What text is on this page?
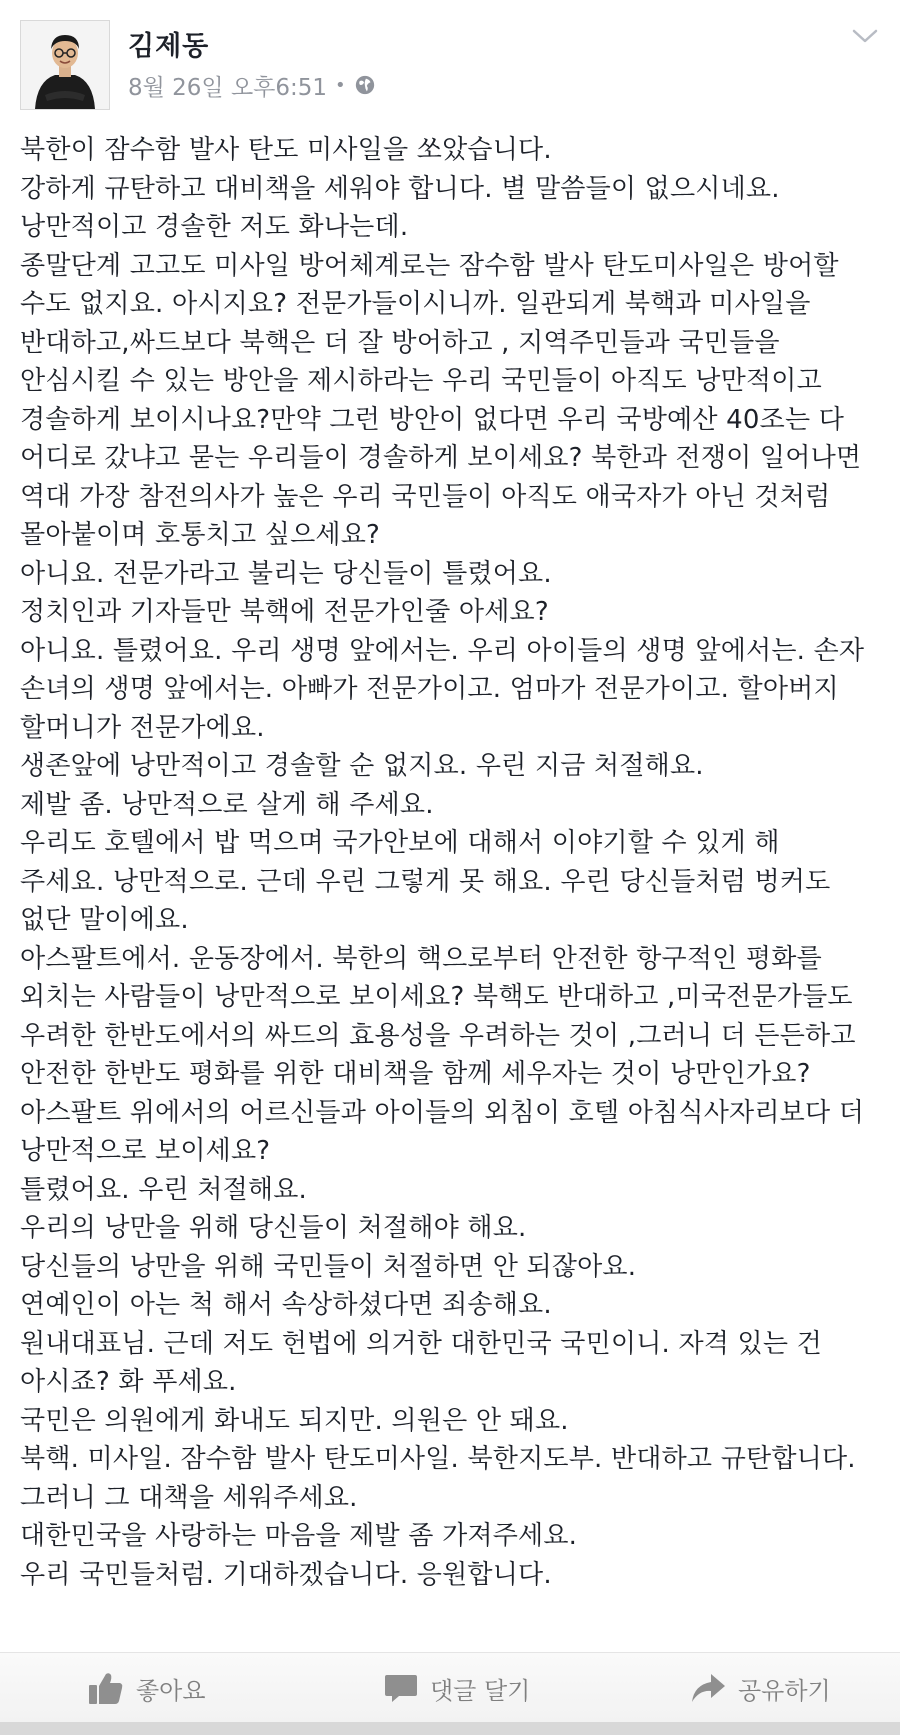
김제동
8월 26일 오후6:51 •
북한이 잠수함 발사 탄도 미사일을 쏘았습니다.
강하게 규탄하고 대비책을 세워야 합니다. 별 말씀들이 없으시네요.
낭만적이고 경솔한 저도 화나는데.
종말단계 고고도 미사일 방어체계로는 잠수함 발사 탄도미사일은 방어할
수도 없지요. 아시지요? 전문가들이시니까. 일관되게 북핵과 미사일을
반대하고,싸드보다 북핵은 더 잘 방어하고 , 지역주민들과 국민들을
안심시킬 수 있는 방안을 제시하라는 우리 국민들이 아직도 낭만적이고
경솔하게 보이시나요?만약 그런 방안이 없다면 우리 국방예산 40조는 다
어디로 갔냐고 묻는 우리들이 경솔하게 보이세요? 북한과 전쟁이 일어나면
역대 가장 참전의사가 높은 우리 국민들이 아직도 애국자가 아닌 것처럼
몰아붙이며 호통치고 싶으세요?
아니요. 전문가라고 불리는 당신들이 틀렸어요.
정치인과 기자들만 북핵에 전문가인줄 아세요?
아니요. 틀렸어요. 우리 생명 앞에서는. 우리 아이들의 생명 앞에서는. 손자
손녀의 생명 앞에서는. 아빠가 전문가이고. 엄마가 전문가이고. 할아버지
할머니가 전문가에요.
생존앞에 낭만적이고 경솔할 순 없지요. 우린 지금 처절해요.
제발 좀. 낭만적으로 살게 해 주세요.
우리도 호텔에서 밥 먹으며 국가안보에 대해서 이야기할 수 있게 해
주세요. 낭만적으로. 근데 우린 그렇게 못 해요. 우린 당신들처럼 벙커도
없단 말이에요.
아스팔트에서. 운동장에서. 북한의 핵으로부터 안전한 항구적인 평화를
외치는 사람들이 낭만적으로 보이세요? 북핵도 반대하고 ,미국전문가들도
우려한 한반도에서의 싸드의 효용성을 우려하는 것이 ,그러니 더 든든하고
안전한 한반도 평화를 위한 대비책을 함께 세우자는 것이 낭만인가요?
아스팔트 위에서의 어르신들과 아이들의 외침이 호텔 아침식사자리보다 더
낭만적으로 보이세요?
틀렸어요. 우린 처절해요.
우리의 낭만을 위해 당신들이 처절해야 해요.
당신들의 낭만을 위해 국민들이 처절하면 안 되잖아요.
연예인이 아는 척 해서 속상하셨다면 죄송해요.
원내대표님. 근데 저도 헌법에 의거한 대한민국 국민이니. 자격 있는 건
아시죠? 화 푸세요.
국민은 의원에게 화내도 되지만. 의원은 안 돼요.
북핵. 미사일. 잠수함 발사 탄도미사일. 북한지도부. 반대하고 규탄합니다.
그러니 그 대책을 세워주세요.
대한민국을 사랑하는 마음을 제발 좀 가져주세요.
우리 국민들처럼. 기대하겠습니다. 응원합니다.
좋아요	댓글 달기	공유하기
